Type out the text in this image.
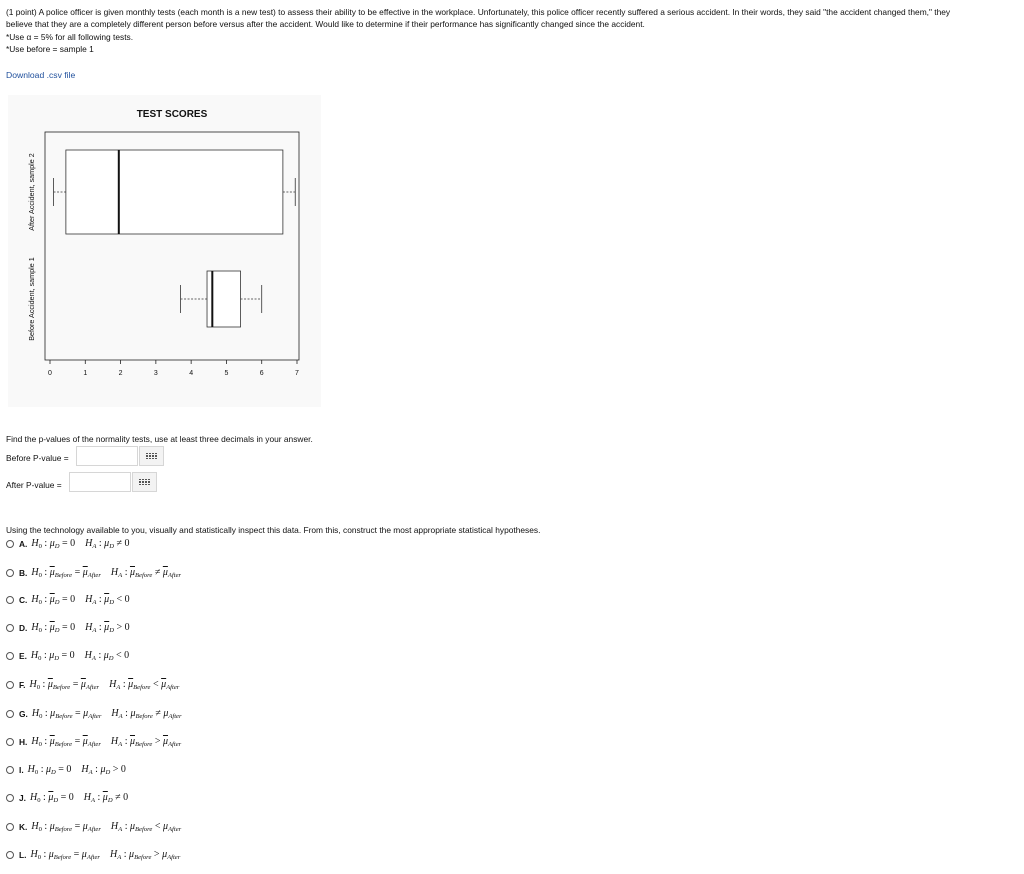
(1 point) A police officer is given monthly tests (each month is a new test) to assess their ability to be effective in the workplace. Unfortunately, this police officer recently suffered a serious accident. In their words, they said "the accident changed them," they
believe that they are a completely different person before versus after the accident. Would like to determine if their performance has significantly changed since the accident.
*Use α = 5% for all following tests.
*Use before = sample 1
Download .csv file
TEST SCORES
0	1	2	3	4	5	6	7
Before Accident, sample 1
After Accident, sample 2
Find the p-values of the normality tests, use at least three decimals in your answer.
Before P-value =
After P-value =
Using the technology available to you, visually and statistically inspect this data. From this, construct the most appropriate statistical hypotheses.
A. $H_0$ : $\mu_D = 0$ $H_A$ : $\mu_D \ne 0$
B. $H_0$ : $\overline{\mu}_{Before} = \overline{\mu}_{After}$ $H_A$ : $\overline{\mu}_{Before} \ne \overline{\mu}_{After}$
C. $H_0$ : $\overline{\mu}_D = 0$ $H_A$ : $\overline{\mu}_D < 0$
D. $H_0$ : $\overline{\mu}_D = 0$ $H_A$ : $\overline{\mu}_D > 0$
E. $H_0$ : $\mu_D = 0$ $H_A$ : $\mu_D < 0$
F. $H_0$ : $\overline{\mu}_{Before} = \overline{\mu}_{After}$ $H_A$ : $\overline{\mu}_{Before} < \overline{\mu}_{After}$
G. $H_0$ : $\mu_{Before} = \mu_{After}$ $H_A$ : $\mu_{Before} \ne \mu_{After}$
H. $H_0$ : $\overline{\mu}_{Before} = \overline{\mu}_{After}$ $H_A$ : $\overline{\mu}_{Before} > \overline{\mu}_{After}$
I. $H_0$ : $\mu_D = 0$ $H_A$ : $\mu_D > 0$
J. $H_0$ : $\overline{\mu}_D = 0$ $H_A$ : $\overline{\mu}_D \ne 0$
K. $H_0$ : $\mu_{Before} = \mu_{After}$ $H_A$ : $\mu_{Before} < \mu_{After}$
L. $H_0$ : $\mu_{Before} = \mu_{After}$ $H_A$ : $\mu_{Before} > \mu_{After}$
